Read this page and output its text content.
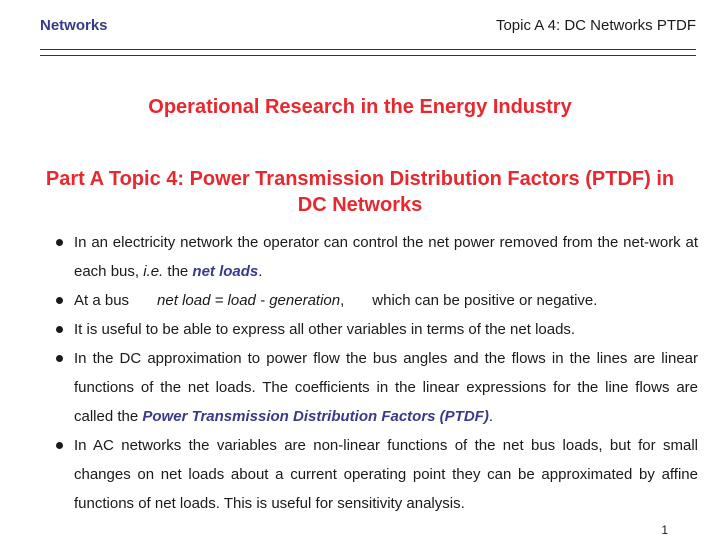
Networks	Topic A 4: DC Networks PTDF
Operational Research in the Energy Industry
Part A Topic 4: Power Transmission Distribution Factors (PTDF) in DC Networks
In an electricity network the operator can control the net power removed from the net-work at each bus, i.e. the net loads.
At a bus net load = load - generation, which can be positive or negative.
It is useful to be able to express all other variables in terms of the net loads.
In the DC approximation to power flow the bus angles and the flows in the lines are linear functions of the net loads. The coefficients in the linear expressions for the line flows are called the Power Transmission Distribution Factors (PTDF).
In AC networks the variables are non-linear functions of the net bus loads, but for small changes on net loads about a current operating point they can be approximated by affine functions of net loads. This is useful for sensitivity analysis.
1
